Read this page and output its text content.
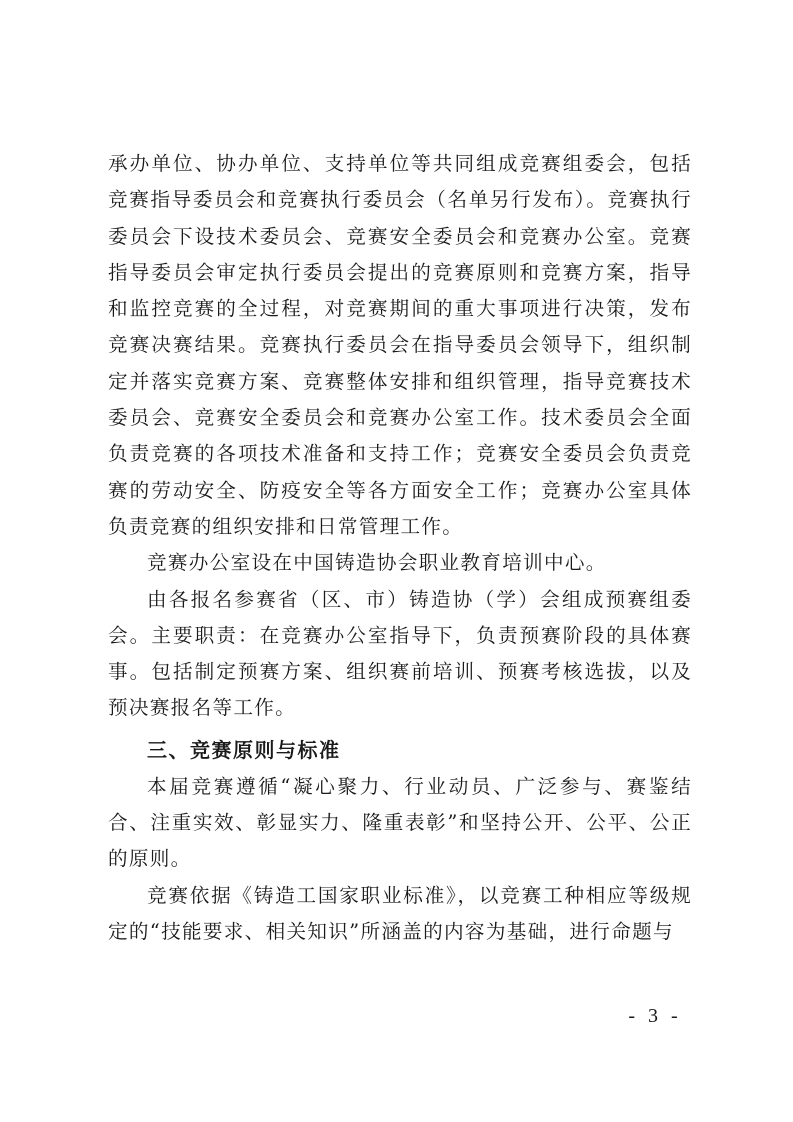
承办单位、协办单位、支持单位等共同组成竞赛组委会，包括竞赛指导委员会和竞赛执行委员会（名单另行发布）。竞赛执行委员会下设技术委员会、竞赛安全委员会和竞赛办公室。竞赛指导委员会审定执行委员会提出的竞赛原则和竞赛方案，指导和监控竞赛的全过程，对竞赛期间的重大事项进行决策，发布竞赛决赛结果。竞赛执行委员会在指导委员会领导下，组织制定并落实竞赛方案、竞赛整体安排和组织管理，指导竞赛技术委员会、竞赛安全委员会和竞赛办公室工作。技术委员会全面负责竞赛的各项技术准备和支持工作；竞赛安全委员会负责竞赛的劳动安全、防疫安全等各方面安全工作；竞赛办公室具体负责竞赛的组织安排和日常管理工作。

竞赛办公室设在中国铸造协会职业教育培训中心。

由各报名参赛省（区、市）铸造协（学）会组成预赛组委会。主要职责：在竞赛办公室指导下，负责预赛阶段的具体赛事。包括制定预赛方案、组织赛前培训、预赛考核选拔，以及预决赛报名等工作。

三、竞赛原则与标准

本届竞赛遵循“凝心聚力、行业动员、广泛参与、赛鉴结合、注重实效、彰显实力、隆重表彰”和坚持公开、公平、公正的原则。

竞赛依据《铸造工国家职业标准》，以竞赛工种相应等级规定的“技能要求、相关知识”所涵盖的内容为基础，进行命题与

- 3 -
